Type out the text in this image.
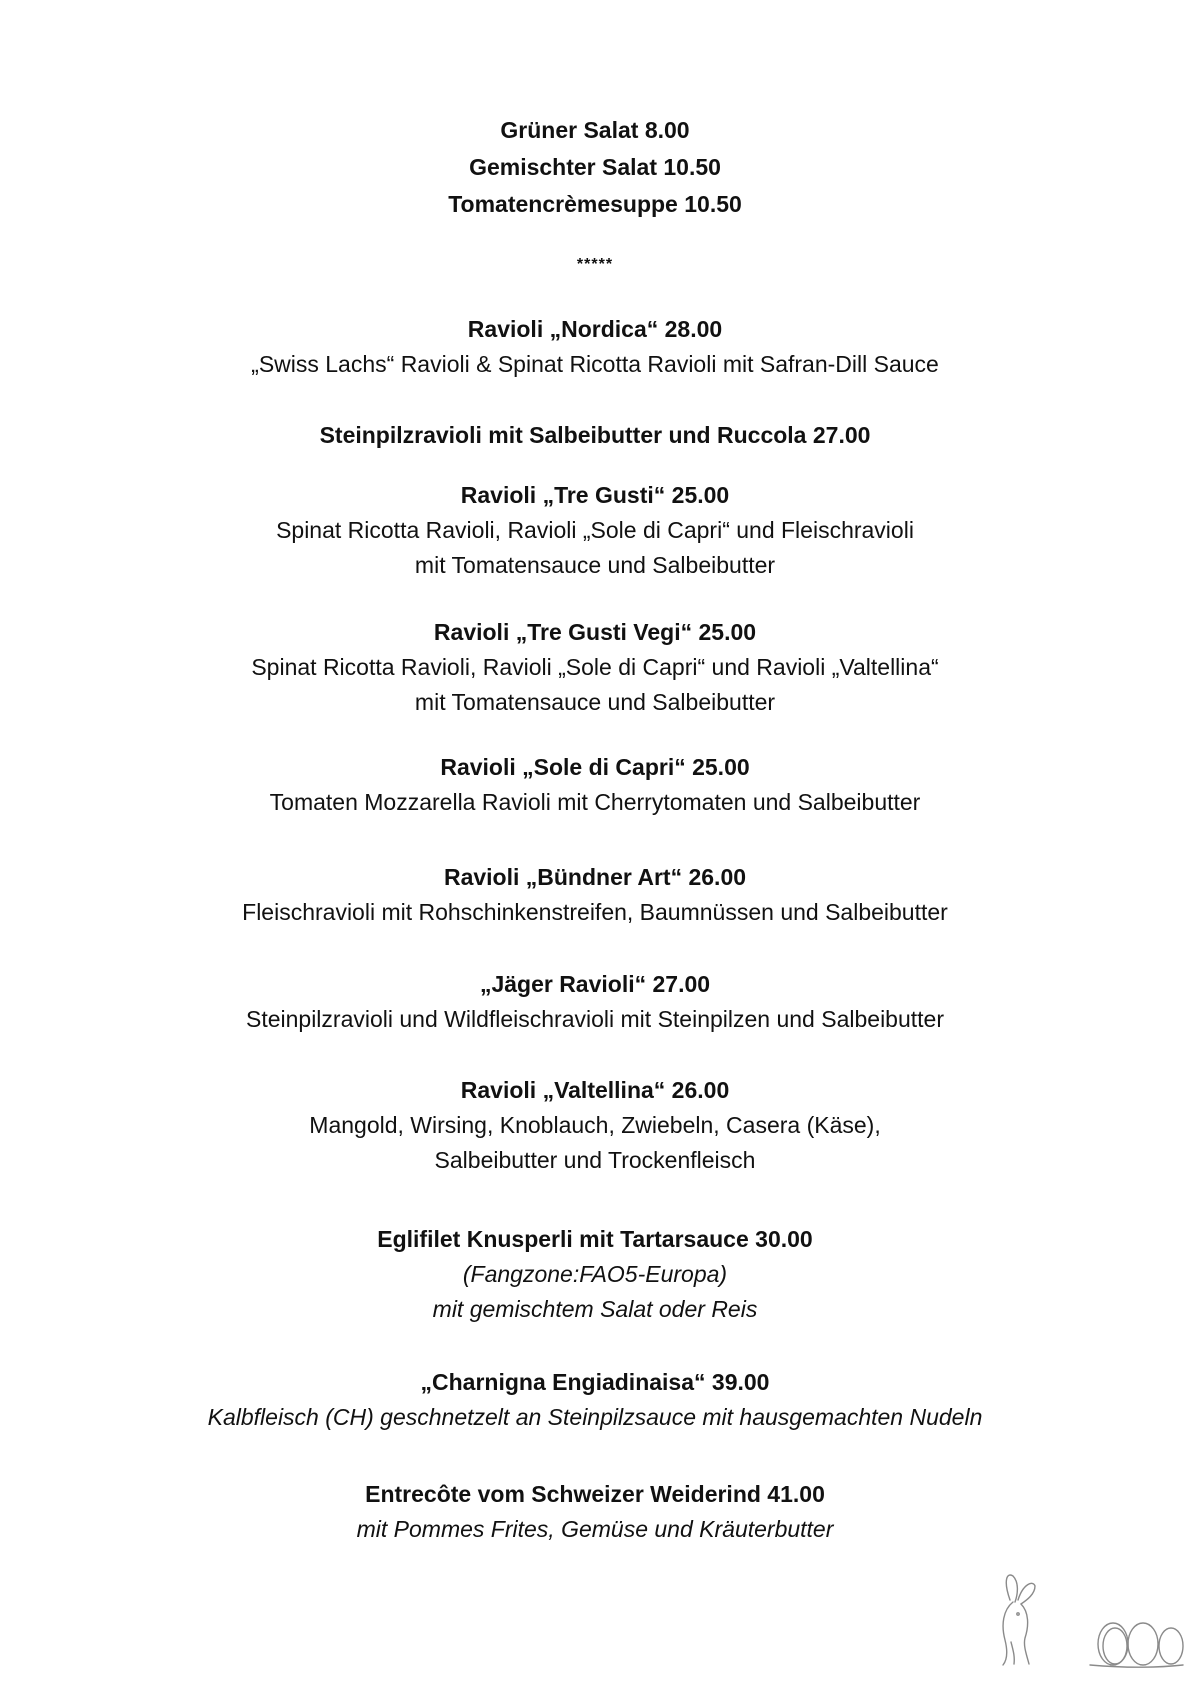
Grüner Salat 8.00
Gemischter Salat 10.50
Tomatencrèmesuppe 10.50
*****
Ravioli „Nordica“ 28.00
„Swiss Lachs“ Ravioli & Spinat Ricotta Ravioli mit Safran-Dill Sauce
Steinpilzravioli mit Salbeibutter und Ruccola 27.00
Ravioli „Tre Gusti“ 25.00
Spinat Ricotta Ravioli, Ravioli „Sole di Capri“ und Fleischravioli
mit Tomatensauce und Salbeibutter
Ravioli „Tre Gusti Vegi“ 25.00
Spinat Ricotta Ravioli, Ravioli „Sole di Capri“ und Ravioli „Valtellina“
mit Tomatensauce und Salbeibutter
Ravioli „Sole di Capri“ 25.00
Tomaten Mozzarella Ravioli mit Cherrytomaten und Salbeibutter
Ravioli „Bündner Art“ 26.00
Fleischravioli mit Rohschinkenstreifen, Baumnüssen und Salbeibutter
„Jäger Ravioli“ 27.00
Steinpilzravioli und Wildfleischravioli mit Steinpilzen und Salbeibutter
Ravioli „Valtellina“ 26.00
Mangold, Wirsing, Knoblauch, Zwiebeln, Casera (Käse),
Salbeibutter und Trockenfleisch
Eglifilet Knusperli mit Tartarsauce 30.00
(Fangzone:FAO5-Europa)
mit gemischtem Salat oder Reis
„Charnigna Engiadinaisa“ 39.00
Kalbfleisch (CH) geschnetzelt an Steinpilzsauce mit hausgemachten Nudeln
Entrecôte vom Schweizer Weiderind 41.00
mit Pommes Frites, Gemüse und Kräuterbutter
